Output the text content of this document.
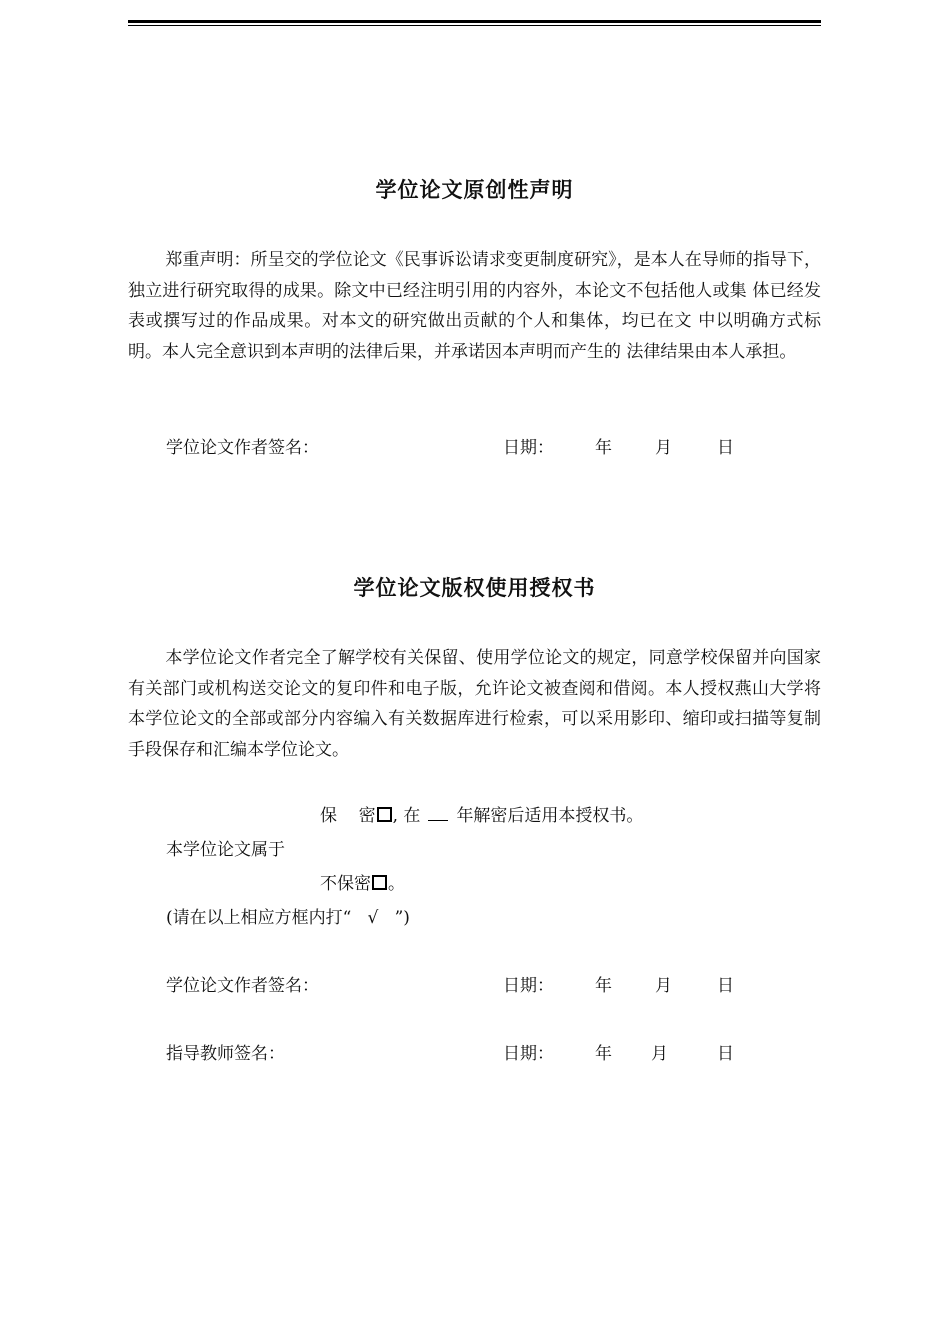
学位论文原创性声明

郑重声明：所呈交的学位论文《民事诉讼请求变更制度研究》，是本人在导师的指导下，独立进行研究取得的成果。除文中已经注明引用的内容外，本论文不包括他人或集 体已经发表或撰写过的作品成果。对本文的研究做出贡献的个人和集体，均已在文 中以明确方式标明。本人完全意识到本声明的法律后果，并承诺因本声明而产生的 法律结果由本人承担。

学位论文作者签名：	日期： 年	月	日
学位论文版权使用授权书

本学位论文作者完全了解学校有关保留、使用学位论文的规定，同意学校保留并向国家有关部门或机构送交论文的复印件和电子版，允许论文被查阅和借阅。本人授权燕山大学将本学位论文的全部或部分内容编入有关数据库进行检索，可以采用影印、缩印或扫描等复制手段保存和汇编本学位论文。

保    密 , 在 年解密后适用本授权书。
本学位论文属于
不保密 。
(请在以上相应方框内打“   √   ”)
学位论文作者签名：	日期： 年	月	日
指导教师签名：	日期： 年 月	日
